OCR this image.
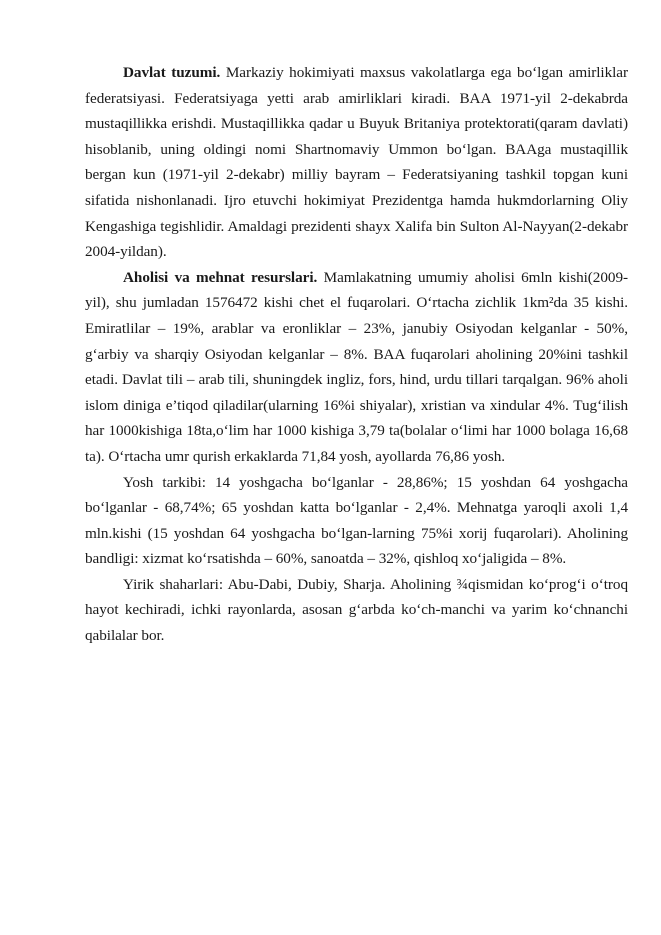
Davlat tuzumi. Markaziy hokimiyati maxsus vakolatlarga ega bo‘lgan amirliklar federatsiyasi. Federatsiyaga yetti arab amirliklari kiradi. BAA 1971-yil 2-dekabrda mustaqillikka erishdi. Mustaqillikka qadar u Buyuk Britaniya protektorati(qaram davlati) hisoblanib, uning oldingi nomi Shartnomaviy Ummon bo‘lgan. BAAga mustaqillik bergan kun (1971-yil 2-dekabr) milliy bayram – Federatsiyaning tashkil topgan kuni sifatida nishonlanadi. Ijro etuvchi hokimiyat Prezidentga hamda hukmdorlarning Oliy Kengashiga tegishlidir. Amaldagi prezidenti shayx Xalifa bin Sulton Al-Nayyan(2-dekabr 2004-yildan).

Aholisi va mehnat resurslari. Mamlakatning umumiy aholisi 6mln kishi(2009-yil), shu jumladan 1576472 kishi chet el fuqarolari. O‘rtacha zichlik 1km²da 35 kishi. Emiratlilar – 19%, arablar va eronliklar – 23%, janubiy Osiyodan kelganlar - 50%, g‘arbiy va sharqiy Osiyodan kelganlar – 8%. BAA fuqarolari aholining 20%ini tashkil etadi. Davlat tili – arab tili, shuningdek ingliz, fors, hind, urdu tillari tarqalgan. 96% aholi islom diniga e’tiqod qiladilar(ularning 16%i shiyalar), xristian va xindular 4%. Tug‘ilish har 1000kishiga 18ta,o‘lim har 1000 kishiga 3,79 ta(bolalar o‘limi har 1000 bolaga 16,68 ta). O‘rtacha umr qurish erkaklarda 71,84 yosh, ayollarda 76,86 yosh.

Yosh tarkibi: 14 yoshgacha bo‘lganlar - 28,86%; 15 yoshdan 64 yoshgacha bo‘lganlar - 68,74%; 65 yoshdan katta bo‘lganlar - 2,4%. Mehnatga yaroqli axoli 1,4 mln.kishi (15 yoshdan 64 yoshgacha bo‘lgan-larning 75%i xorij fuqarolari). Aholining bandligi: xizmat ko‘rsatishda – 60%, sanoatda – 32%, qishloq xo‘jaligida – 8%.

Yirik shaharlari: Abu-Dabi, Dubiy, Sharja. Aholining ¾qismidan ko‘prog‘i o‘troq hayot kechiradi, ichki rayonlarda, asosan g‘arbda ko‘ch-manchi va yarim ko‘chnanchi qabilalar bor.
